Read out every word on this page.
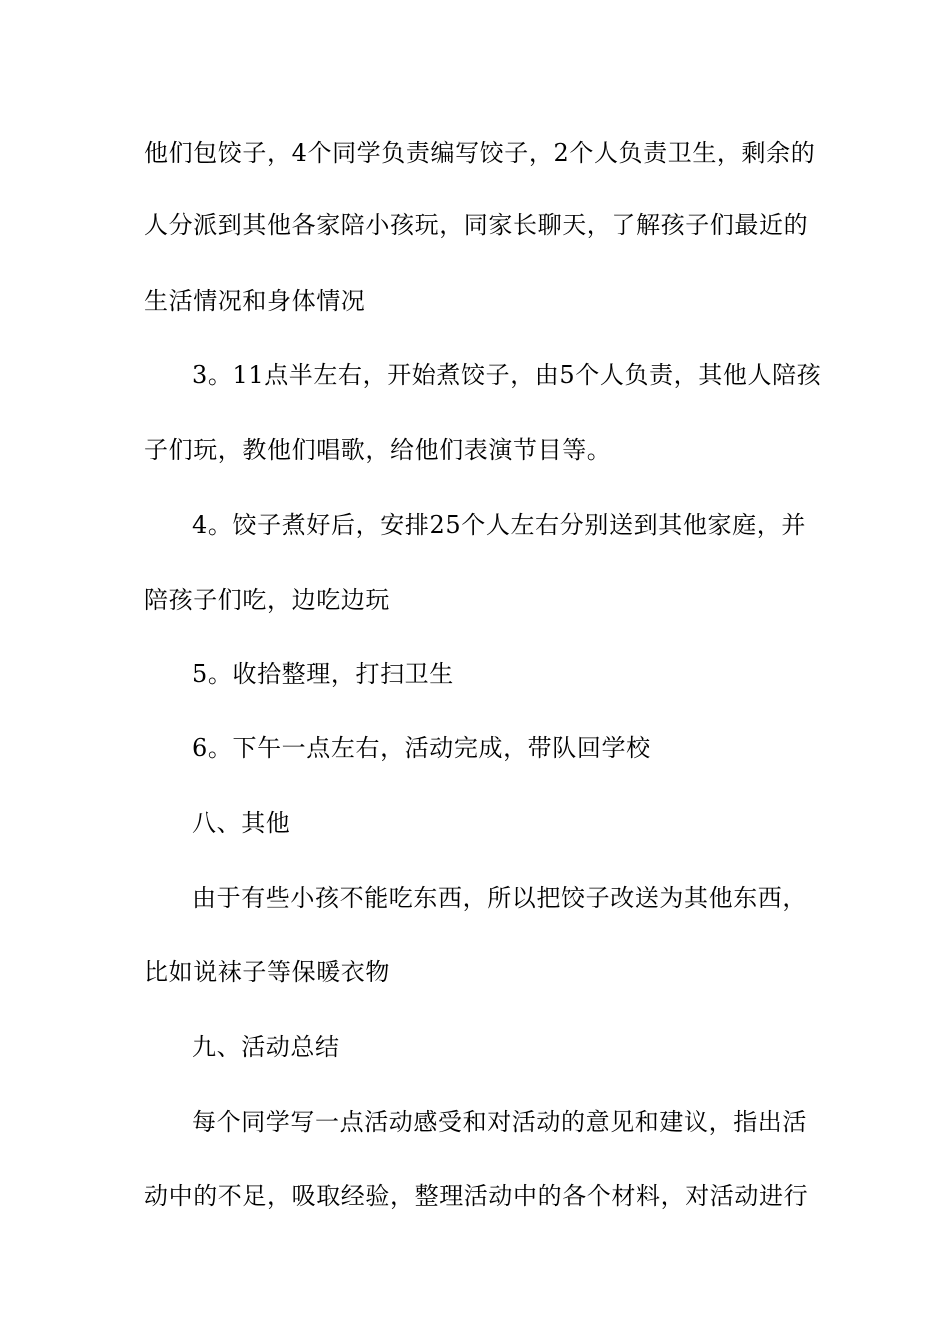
他们包饺子，4个同学负责编写饺子，2个人负责卫生，剩余的
人分派到其他各家陪小孩玩，同家长聊天，了解孩子们最近的
生活情况和身体情况
3。11点半左右，开始煮饺子，由5个人负责，其他人陪孩
子们玩，教他们唱歌，给他们表演节目等。
4。饺子煮好后，安排25个人左右分别送到其他家庭，并
陪孩子们吃，边吃边玩
5。收拾整理，打扫卫生
6。下午一点左右，活动完成，带队回学校
八、其他
由于有些小孩不能吃东西，所以把饺子改送为其他东西，
比如说袜子等保暖衣物
九、活动总结
每个同学写一点活动感受和对活动的意见和建议，指出活
动中的不足，吸取经验，整理活动中的各个材料，对活动进行
